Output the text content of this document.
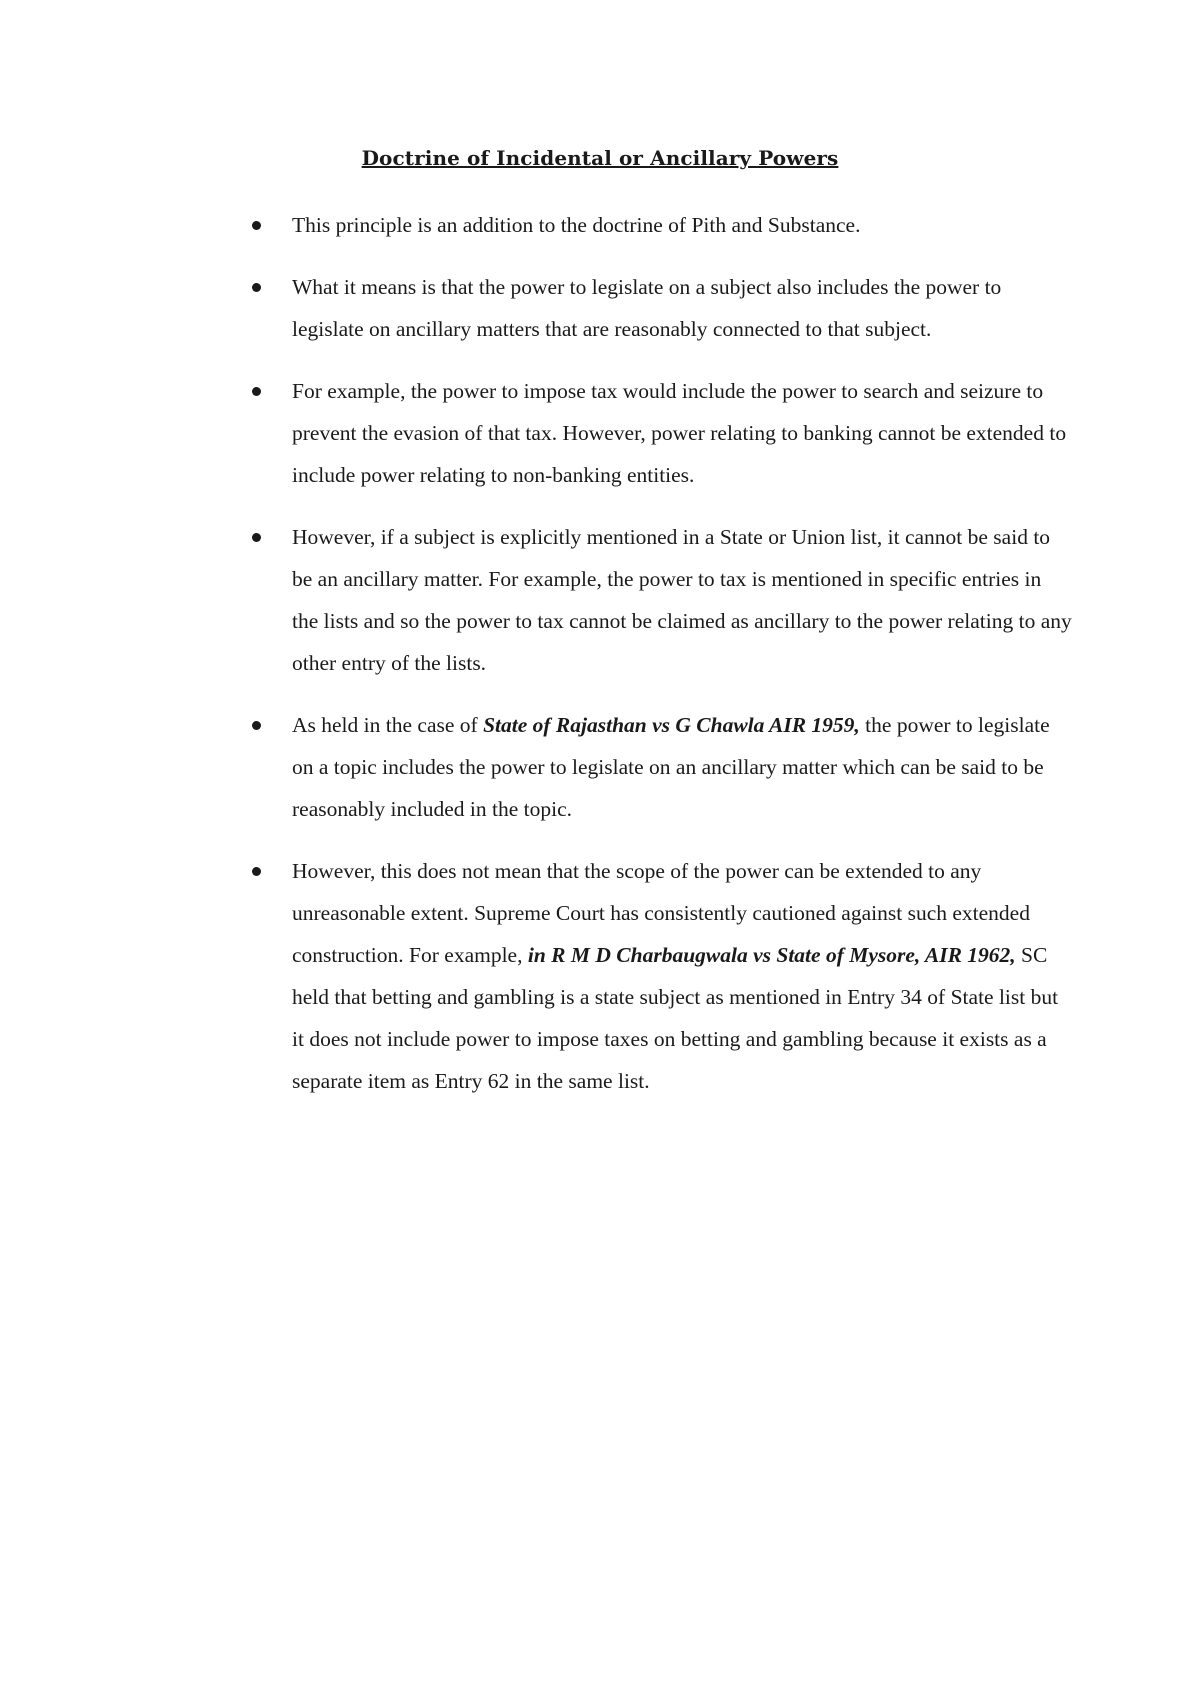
Doctrine of Incidental or Ancillary Powers
This principle is an addition to the doctrine of Pith and Substance.
What it means is that the power to legislate on a subject also includes the power to legislate on ancillary matters that are reasonably connected to that subject.
For example, the power to impose tax would include the power to search and seizure to prevent the evasion of that tax. However, power relating to banking cannot be extended to include power relating to non-banking entities.
However, if a subject is explicitly mentioned in a State or Union list, it cannot be said to be an ancillary matter. For example, the power to tax is mentioned in specific entries in the lists and so the power to tax cannot be claimed as ancillary to the power relating to any other entry of the lists.
As held in the case of State of Rajasthan vs G Chawla AIR 1959, the power to legislate on a topic includes the power to legislate on an ancillary matter which can be said to be reasonably included in the topic.
However, this does not mean that the scope of the power can be extended to any unreasonable extent. Supreme Court has consistently cautioned against such extended construction. For example, in R M D Charbaugwala vs State of Mysore, AIR 1962, SC held that betting and gambling is a state subject as mentioned in Entry 34 of State list but it does not include power to impose taxes on betting and gambling because it exists as a separate item as Entry 62 in the same list.
